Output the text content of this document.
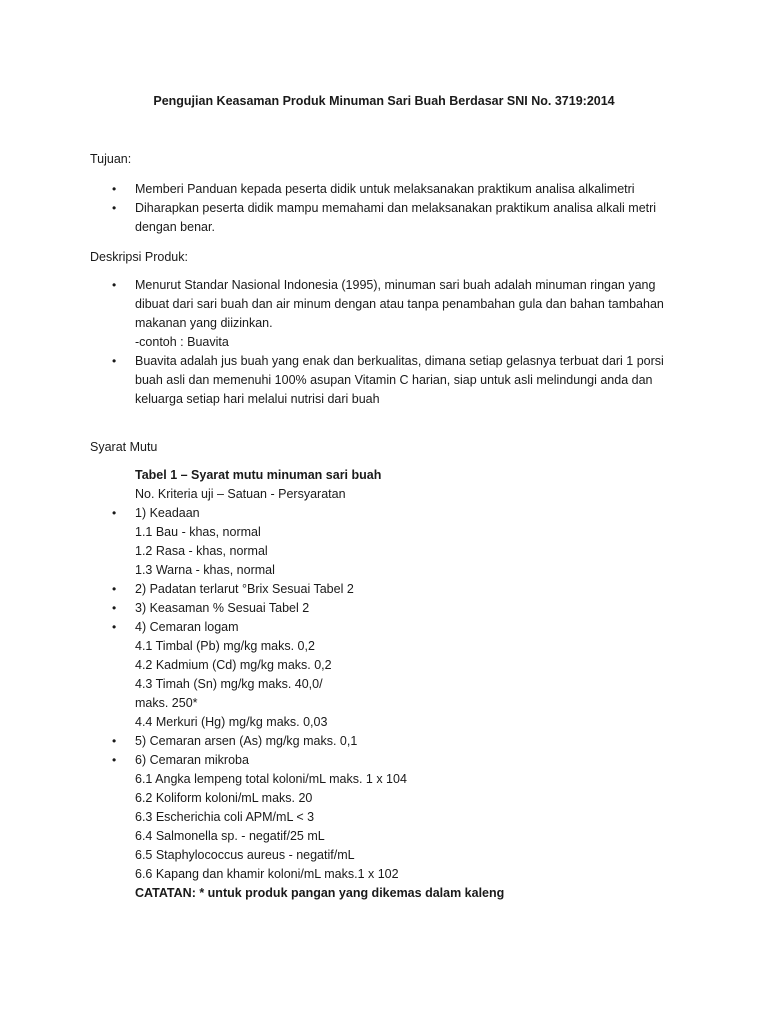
Pengujian Keasaman Produk Minuman Sari Buah Berdasar SNI No. 3719:2014
Tujuan:
• Memberi Panduan kepada peserta didik untuk melaksanakan praktikum analisa alkalimetri
• Diharapkan peserta didik mampu memahami dan melaksanakan praktikum analisa alkali metri dengan benar.
Deskripsi Produk:
• Menurut Standar Nasional Indonesia (1995), minuman sari buah adalah minuman ringan yang
dibuat dari sari buah dan air minum dengan atau tanpa penambahan gula dan bahan tambahan
makanan yang diizinkan.
-contoh : Buavita
• Buavita adalah jus buah yang enak dan berkualitas, dimana setiap gelasnya terbuat dari 1 porsi
buah asli dan memenuhi 100% asupan Vitamin C harian, siap untuk asli melindungi anda dan
keluarga setiap hari melalui nutrisi dari buah
Syarat Mutu
Tabel 1 – Syarat mutu minuman sari buah
No. Kriteria uji – Satuan - Persyaratan
• 1) Keadaan
1.1 Bau - khas, normal
1.2 Rasa - khas, normal
1.3 Warna - khas, normal
• 2) Padatan terlarut °Brix Sesuai Tabel 2
• 3) Keasaman % Sesuai Tabel 2
• 4) Cemaran logam
4.1 Timbal (Pb) mg/kg maks. 0,2
4.2 Kadmium (Cd) mg/kg maks. 0,2
4.3 Timah (Sn) mg/kg maks. 40,0/
maks. 250*
4.4 Merkuri (Hg) mg/kg maks. 0,03
• 5) Cemaran arsen (As) mg/kg maks. 0,1
• 6) Cemaran mikroba
6.1 Angka lempeng total koloni/mL maks. 1 x 104
6.2 Koliform koloni/mL maks. 20
6.3 Escherichia coli APM/mL < 3
6.4 Salmonella sp. - negatif/25 mL
6.5 Staphylococcus aureus - negatif/mL
6.6 Kapang dan khamir koloni/mL maks.1 x 102
CATATAN: * untuk produk pangan yang dikemas dalam kaleng
